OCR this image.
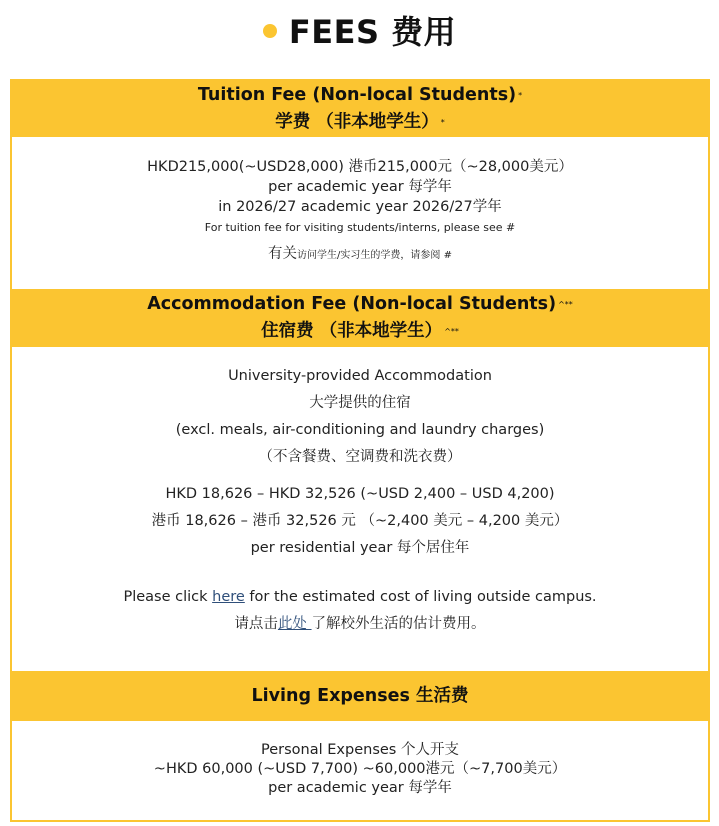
FEES 费用
Tuition Fee (Non-local Students) *
学费 （非本地学生） *
HKD215,000(~USD28,000) 港币215,000元（~28,000美元）
per academic year 每学年
in 2026/27 academic year 2026/27学年
For tuition fee for visiting students/interns, please see #
有关访问学生/实习生的学费，请参阅 #
Accommodation Fee (Non-local Students) ^**
住宿费 （非本地学生） ^**
University-provided Accommodation
大学提供的住宿
(excl. meals, air-conditioning and laundry charges)
（不含餐费、空调费和洗衣费）
HKD 18,626 – HKD 32,526 (~USD 2,400 – USD 4,200)
港币 18,626 – 港币 32,526 元 （~2,400 美元 – 4,200 美元）
per residential year 每个居住年
Please click here for the estimated cost of living outside campus.
请点击此处 了解校外生活的估计费用。
Living Expenses 生活费
Personal Expenses 个人开支
~HKD 60,000 (~USD 7,700) ~60,000港元（~7,700美元）
per academic year 每学年
